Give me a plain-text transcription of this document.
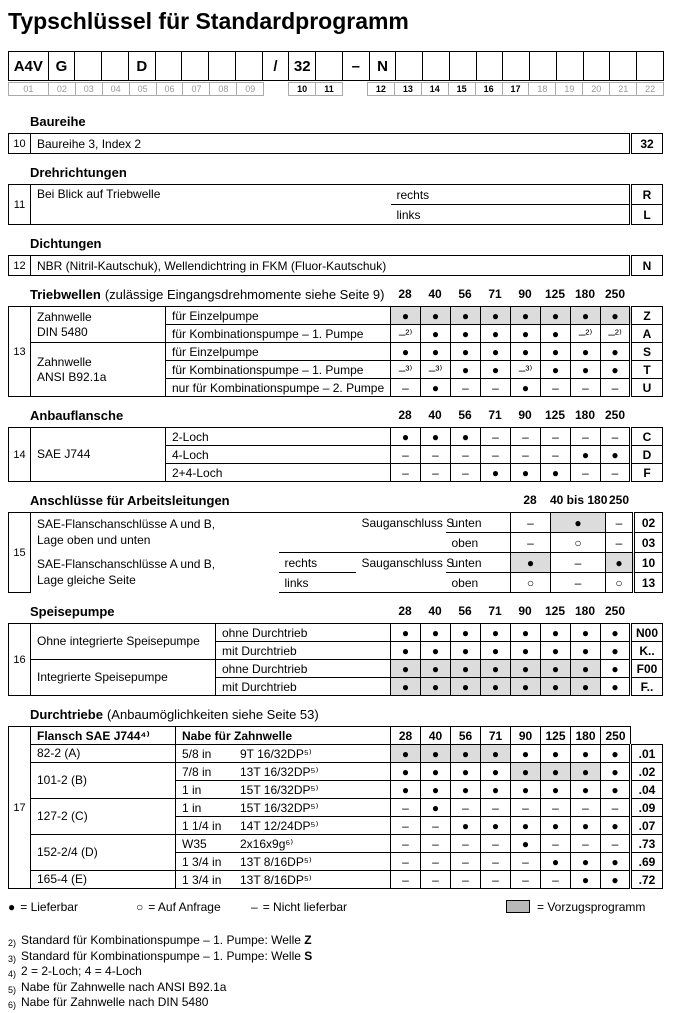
Typschlüssel für Standardprogramm
A4V G	D	/	32	–	N
01	02	03	04	05	06	07	08	09	10	11	12	13	14	15	16	17	18	19	20	21	22
Baureihe
10	Baureihe 3, Index 2	32
Drehrichtungen
11	Bei Blick auf Triebwelle	rechts	R
		links	L
Dichtungen
12	NBR (Nitril-Kautschuk), Wellendichtring in FKM (Fluor-Kautschuk)	N
Triebwellen (zulässige Eingangsdrehmomente siehe Seite 9)	28	40	56	71	90	125 180 250
13	Zahnwelle
DIN 5480	für Einzelpumpe	●	●	●	●	●	●	●	●	Z
		für Kombinationspumpe – 1. Pumpe	–²⁾	●	●	●	●	●	–²⁾	–²⁾	A

	Zahnwelle
ANSI B92.1a	für Einzelpumpe	●	●	●	●	●	●	●	●	S
		für Kombinationspumpe – 1. Pumpe	–³⁾	–³⁾	●	●	–³⁾	●	●	●	T
		nur für Kombinationspumpe – 2. Pumpe	–	●	–	–	●	–	–	–	U
Anbauflansche	28	40	56	71	90	125 180 250
14	SAE J744	2-Loch	●	●	●	–	–	–	–	–	C
		4-Loch	–	–	–	–	–	–	●	●	D
		2+4-Loch	–	–	–	●	●	●	–	–	F
Anschlüsse für Arbeitsleitungen	28	40 bis 180 250
15	SAE-Flanschanschlüsse A und B,
Lage oben und unten		Sauganschluss S	unten	–	●	–	02
				oben	–	○	–	03

	SAE-Flanschanschlüsse A und B,
Lage gleiche Seite	rechts	Sauganschluss S	unten	●	–	●	10
		links		oben	○	–	○	13
Speisepumpe	28	40	56	71	90	125 180 250
16	Ohne integrierte Speisepumpe	ohne Durchtrieb	●	●	●	●	●	●	●	●	N00
		mit Durchtrieb	●	●	●	●	●	●	●	●	K..

	Integrierte Speisepumpe	ohne Durchtrieb	●	●	●	●	●	●	●	●	F00
		mit Durchtrieb	●	●	●	●	●	●	●	●	F..
Durchtriebe (Anbaumöglichkeiten siehe Seite 53)
17	Flansch SAE J744⁴⁾	Nabe für Zahnwelle	28	40	56	71	90	125	180	250	
	82-2 (A)	5/8 in 9T 16/32DP⁵⁾	●	●	●	●	●	●	●	●	.01
	101-2 (B)	7/8 in 13T 16/32DP⁵⁾	●	●	●	●	●	●	●	●	.02
		1 in 15T 16/32DP⁵⁾	●	●	●	●	●	●	●	●	.04
	127-2 (C)	1 in 15T 16/32DP⁵⁾	–	●	–	–	–	–	–	–	.09
		1 1/4 in 14T 12/24DP⁵⁾	–	–	●	●	●	●	●	●	.07
	152-2/4 (D)	W35 2x16x9g⁶⁾	–	–	–	–	●	–	–	–	.73
		1 3/4 in 13T 8/16DP⁵⁾	–	–	–	–	–	●	●	●	.69
	165-4 (E)	1 3/4 in 13T 8/16DP⁵⁾	–	–	–	–	–	–	●	●	.72
● = Lieferbar	○ = Auf Anfrage	– = Nicht lieferbar	= Vorzugsprogramm
2) Standard für Kombinationspumpe – 1. Pumpe: Welle Z
3) Standard für Kombinationspumpe – 1. Pumpe: Welle S
4) 2 = 2-Loch; 4 = 4-Loch
5) Nabe für Zahnwelle nach ANSI B92.1a
6) Nabe für Zahnwelle nach DIN 5480
